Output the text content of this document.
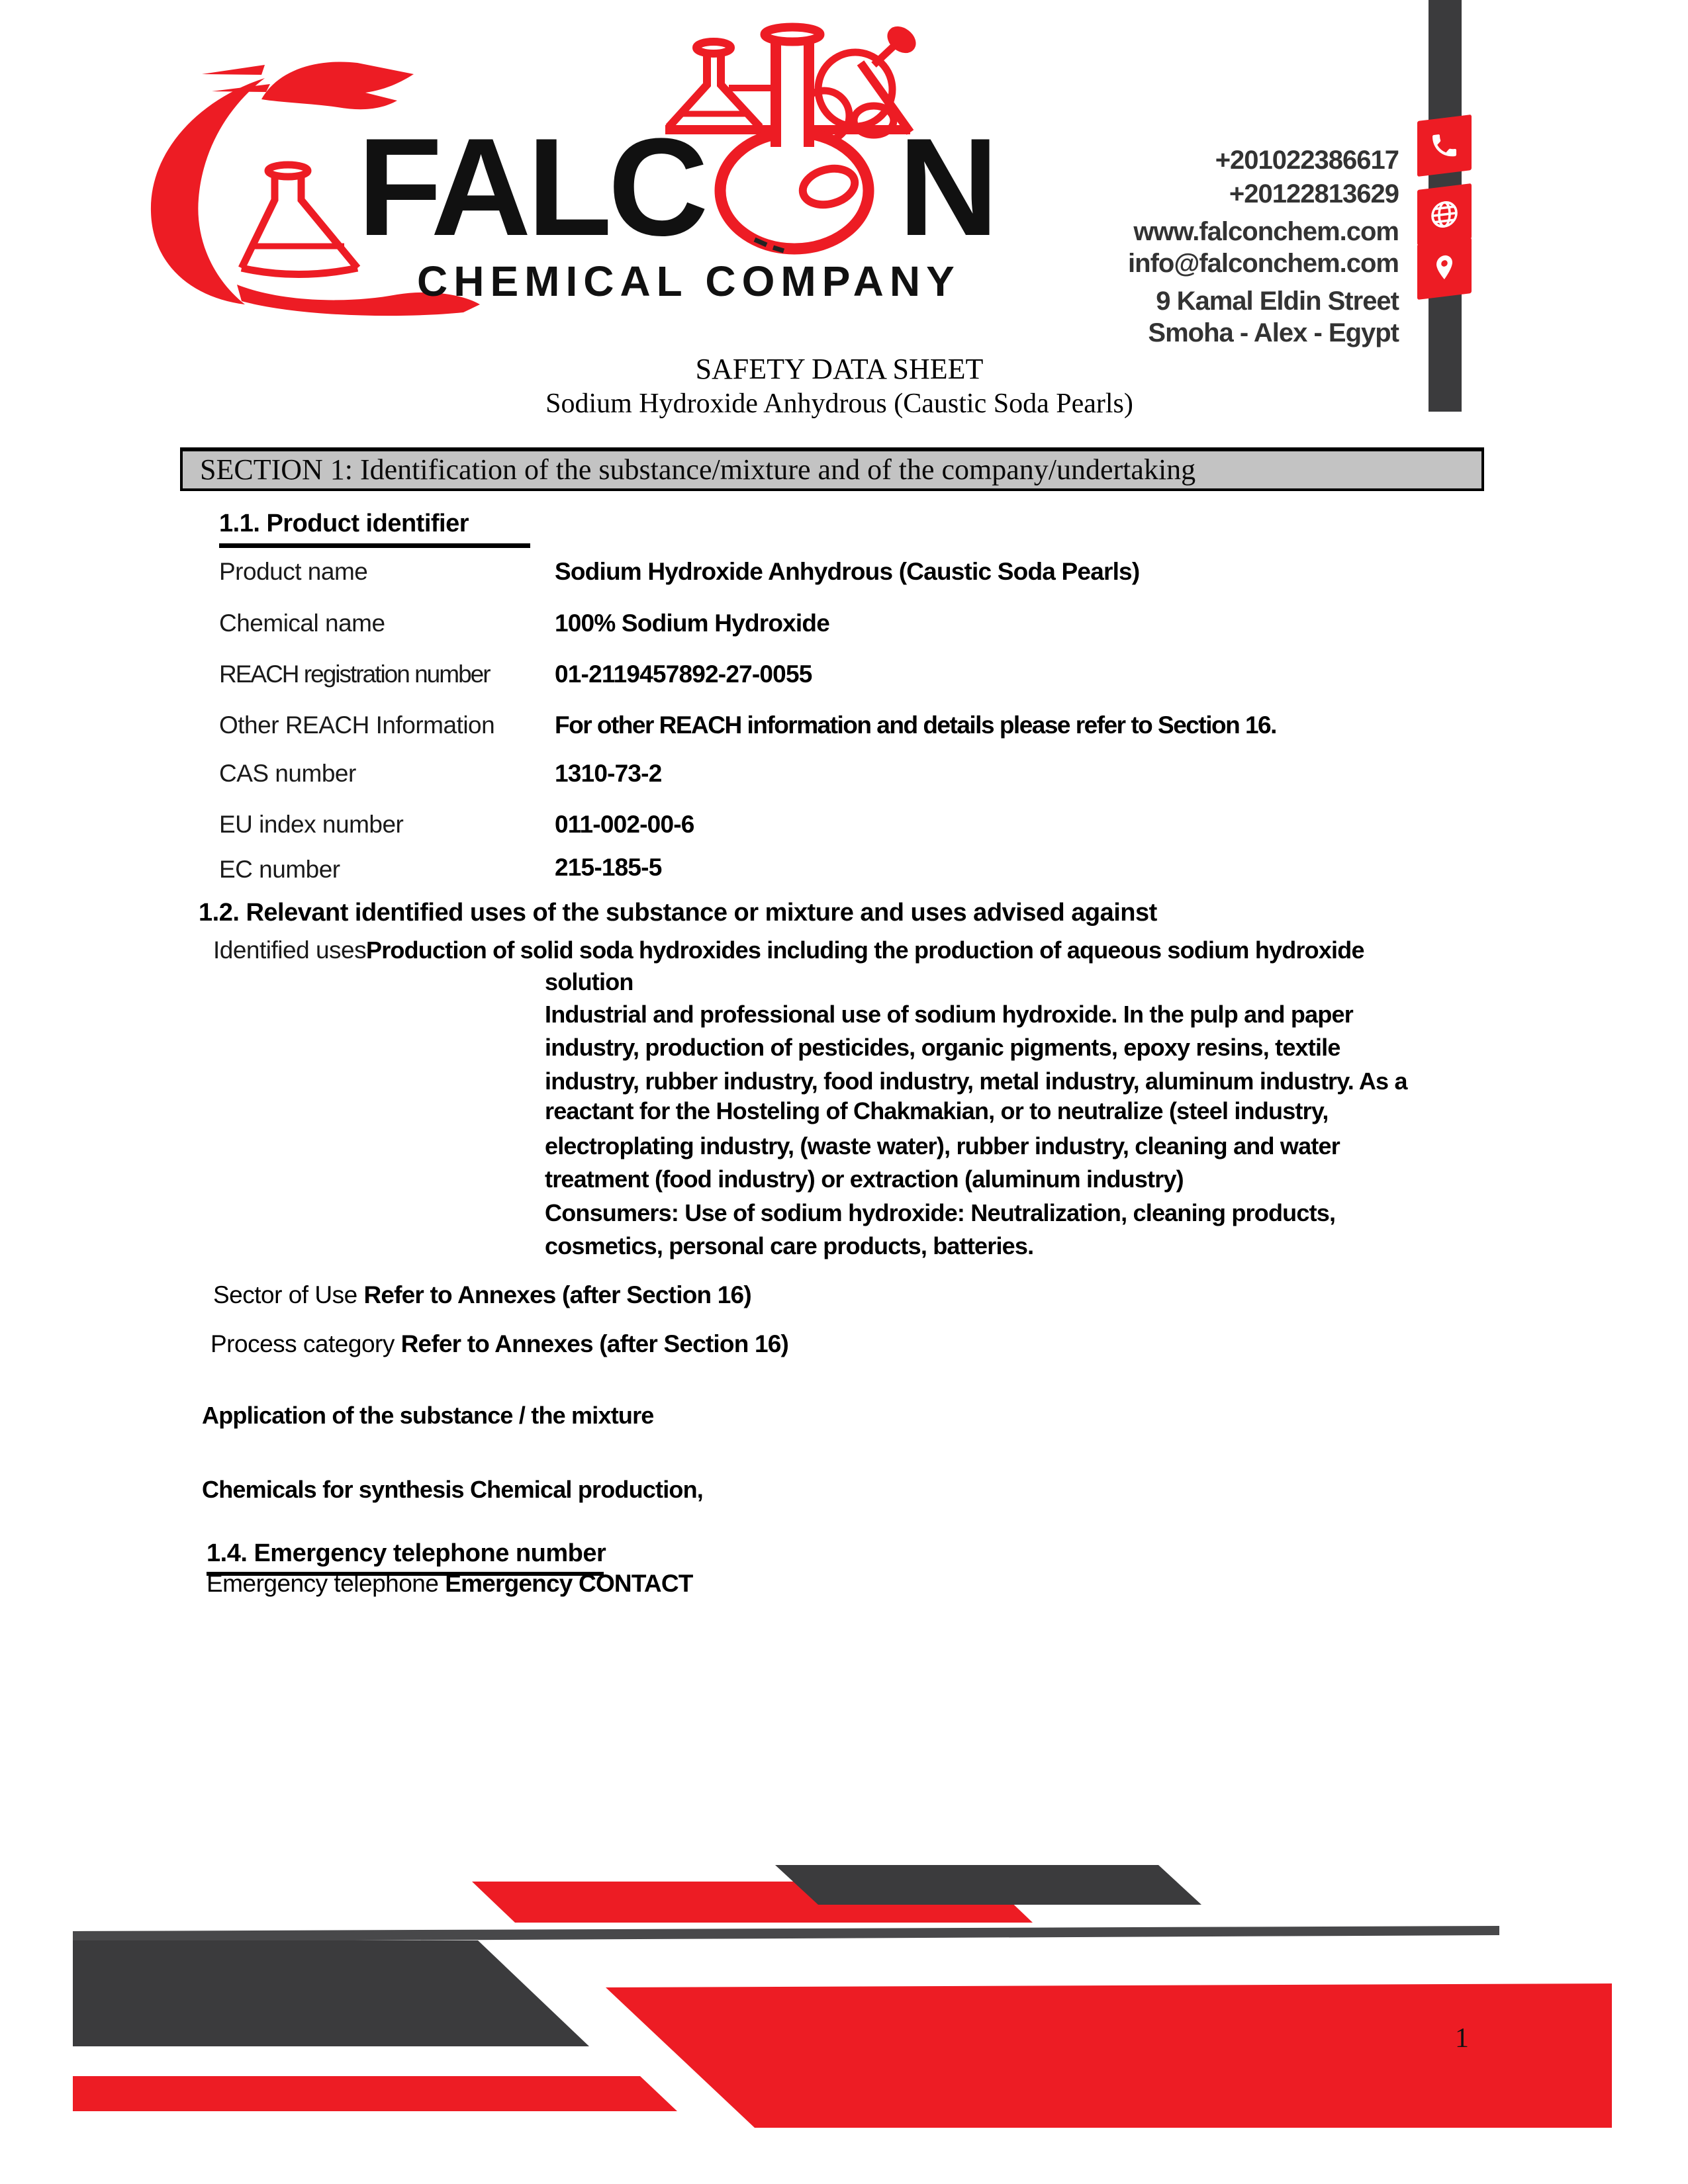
FALC N
CHEMICAL COMPANY
+201022386617
+20122813629
www.falconchem.com
info@falconchem.com
9 Kamal Eldin Street
Smoha - Alex - Egypt
SAFETY DATA SHEET
Sodium Hydroxide Anhydrous (Caustic Soda Pearls)
SECTION 1: Identification of the substance/mixture and of the company/undertaking
1.1. Product identifier
Product name	Sodium Hydroxide Anhydrous (Caustic Soda Pearls)
Chemical name	100% Sodium Hydroxide
REACH registration number	01-2119457892-27-0055
Other REACH Information For other REACH information and details please refer to Section 16.
CAS number	1310-73-2
EU index number	011-002-00-6
EC number	215-185-5
1.2. Relevant identified uses of the substance or mixture and uses advised against
Identified uses Production of solid soda hydroxides including the production of aqueous sodium hydroxide
solution
Industrial and professional use of sodium hydroxide. In the pulp and paper
industry, production of pesticides, organic pigments, epoxy resins, textile
industry, rubber industry, food industry, metal industry, aluminum industry. As a
reactant for the Hosteling of Chakmakian, or to neutralize (steel industry,
electroplating industry, (waste water), rubber industry, cleaning and water
treatment (food industry) or extraction (aluminum industry)
Consumers: Use of sodium hydroxide: Neutralization, cleaning products,
cosmetics, personal care products, batteries.
Sector of Use Refer to Annexes (after Section 16)
Process category Refer to Annexes (after Section 16)
Application of the substance / the mixture
Chemicals for synthesis Chemical production,
1.4. Emergency telephone number
Emergency telephone Emergency CONTACT
1
